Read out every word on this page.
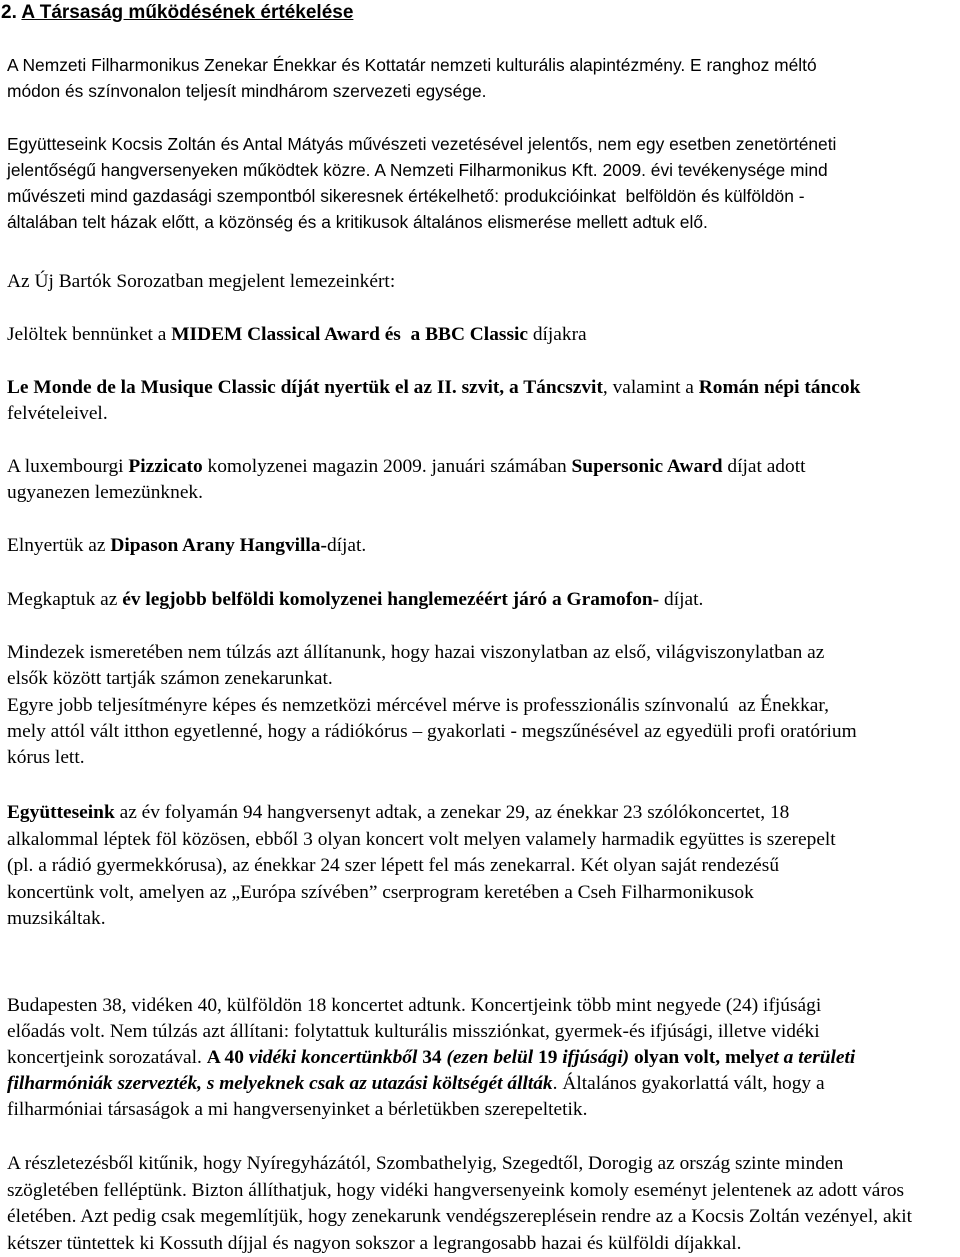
2. A Társaság működésének értékelése
A Nemzeti Filharmonikus Zenekar Énekkar és Kottatár nemzeti kulturális alapintézmény. E ranghoz méltó
módon és színvonalon teljesít mindhárom szervezeti egysége.
Együtteseink Kocsis Zoltán és Antal Mátyás művészeti vezetésével jelentős, nem egy esetben zenetörténeti
jelentőségű hangversenyeken működtek közre. A Nemzeti Filharmonikus Kft. 2009. évi tevékenysége mind
művészeti mind gazdasági szempontból sikeresnek értékelhető: produkcióinkat  belföldön és külföldön -
általában telt házak előtt, a közönség és a kritikusok általános elismerése mellett adtuk elő.
Az Új Bartók Sorozatban megjelent lemezeinkért:
Jelöltek bennünket a MIDEM Classical Award és  a BBC Classic díjakra
Le Monde de la Musique Classic díját nyertük el az II. szvit, a Táncszvit, valamint a Román népi táncok
felvételeivel.
A luxembourgi Pizzicato komolyzenei magazin 2009. januári számában Supersonic Award díjat adott
ugyanezen lemezünknek.
Elnyertük az Dipason Arany Hangvilla-díjat.
Megkaptuk az év legjobb belföldi komolyzenei hanglemezéért járó a Gramofon- díjat.
Mindezek ismeretében nem túlzás azt állítanunk, hogy hazai viszonylatban az első, világviszonylatban az
elsők között tartják számon zenekarunkat.
Egyre jobb teljesítményre képes és nemzetközi mércével mérve is professzionális színvonalú  az Énekkar,
mely attól vált itthon egyetlenné, hogy a rádiókórus – gyakorlati - megszűnésével az egyedüli profi oratórium
kórus lett.
Együtteseink az év folyamán 94 hangversenyt adtak, a zenekar 29, az énekkar 23 szólókoncertet, 18
alkalommal léptek föl közösen, ebből 3 olyan koncert volt melyen valamely harmadik együttes is szerepelt
(pl. a rádió gyermekkórusa), az énekkar 24 szer lépett fel más zenekarral. Két olyan saját rendezésű
koncertünk volt, amelyen az „Európa szívében” cserprogram keretében a Cseh Filharmonikusok
muzsikáltak.
Budapesten 38, vidéken 40, külföldön 18 koncertet adtunk. Koncertjeink több mint negyede (24) ifjúsági
előadás volt. Nem túlzás azt állítani: folytattuk kulturális missziónkat, gyermek-és ifjúsági, illetve vidéki
koncertjeink sorozatával. A 40 vidéki koncertünkből 34 (ezen belül 19 ifjúsági) olyan volt, melyet a területi
filharmóniák szervezték, s melyeknek csak az utazási költségét állták. Általános gyakorlattá vált, hogy a
filharmóniai társaságok a mi hangversenyinket a bérletükben szerepeltetik.
A részletezésből kitűnik, hogy Nyíregyházától, Szombathelyig, Szegedtől, Dorogig az ország szinte minden
szögletében felléptünk. Bizton állíthatjuk, hogy vidéki hangversenyeink komoly eseményt jelentenek az adott város
életében. Azt pedig csak megemlítjük, hogy zenekarunk vendégszereplésein rendre az a Kocsis Zoltán vezényel, akit
kétszer tüntettek ki Kossuth díjjal és nagyon sokszor a legrangosabb hazai és külföldi díjakkal.
